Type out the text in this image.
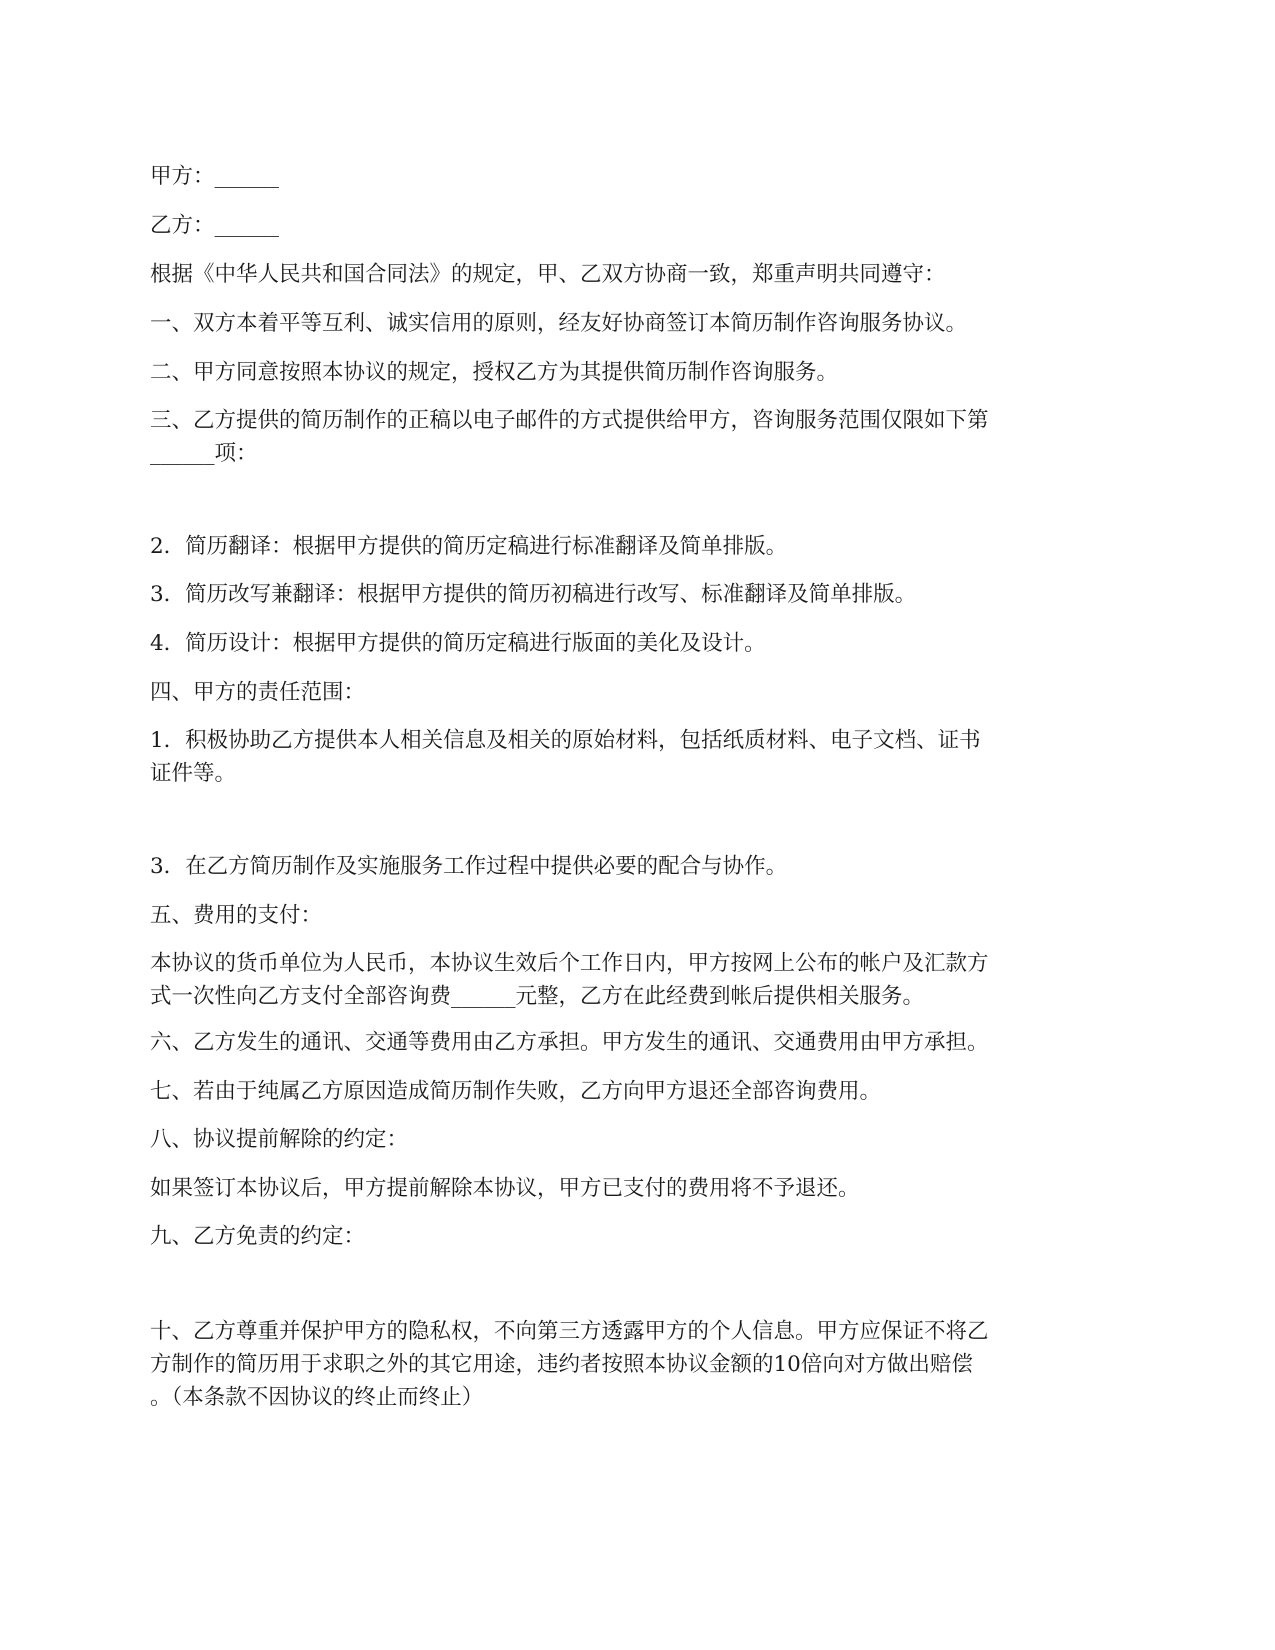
甲方：______

乙方：______

根据《中华人民共和国合同法》的规定，甲、乙双方协商一致，郑重声明共同遵守：

一、双方本着平等互利、诚实信用的原则，经友好协商签订本简历制作咨询服务协议。

二、甲方同意按照本协议的规定，授权乙方为其提供简历制作咨询服务。

三、乙方提供的简历制作的正稿以电子邮件的方式提供给甲方，咨询服务范围仅限如下第
______项：

2．简历翻译：根据甲方提供的简历定稿进行标准翻译及简单排版。

3．简历改写兼翻译：根据甲方提供的简历初稿进行改写、标准翻译及简单排版。

4．简历设计：根据甲方提供的简历定稿进行版面的美化及设计。

四、甲方的责任范围：

1．积极协助乙方提供本人相关信息及相关的原始材料，包括纸质材料、电子文档、证书
证件等。

3．在乙方简历制作及实施服务工作过程中提供必要的配合与协作。

五、费用的支付：

本协议的货币单位为人民币，本协议生效后个工作日内，甲方按网上公布的帐户及汇款方
式一次性向乙方支付全部咨询费______元整，乙方在此经费到帐后提供相关服务。

六、乙方发生的通讯、交通等费用由乙方承担。甲方发生的通讯、交通费用由甲方承担。

七、若由于纯属乙方原因造成简历制作失败，乙方向甲方退还全部咨询费用。

八、协议提前解除的约定：

如果签订本协议后，甲方提前解除本协议，甲方已支付的费用将不予退还。

九、乙方免责的约定：

十、乙方尊重并保护甲方的隐私权，不向第三方透露甲方的个人信息。甲方应保证不将乙
方制作的简历用于求职之外的其它用途，违约者按照本协议金额的10倍向对方做出赔偿
。（本条款不因协议的终止而终止）
